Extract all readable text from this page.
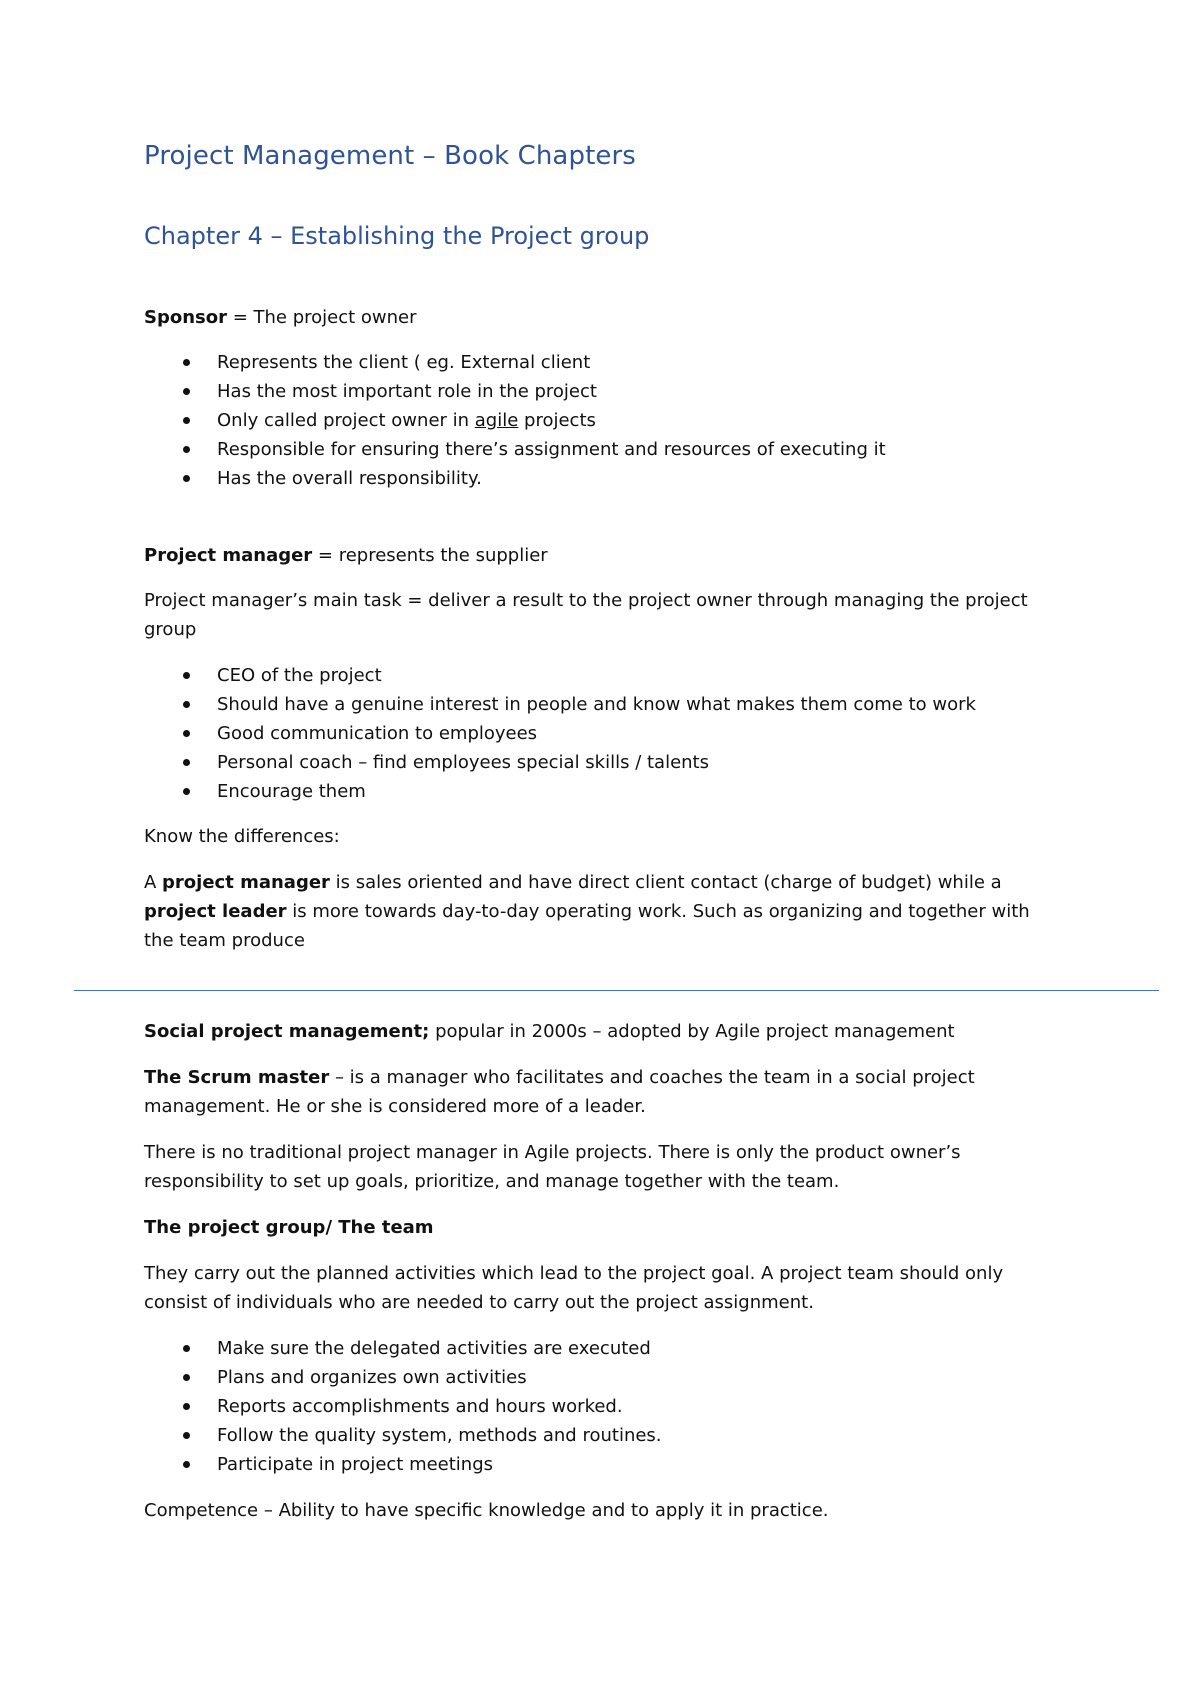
Project Management – Book Chapters
Chapter 4 – Establishing the Project group

Sponsor = The project owner

Represents the client ( eg. External client
Has the most important role in the project
Only called project owner in agile projects
Responsible for ensuring there’s assignment and resources of executing it
Has the overall responsibility.

Project manager = represents the supplier

Project manager’s main task = deliver a result to the project owner through managing the project group

CEO of the project
Should have a genuine interest in people and know what makes them come to work
Good communication to employees
Personal coach – find employees special skills / talents
Encourage them

Know the differences:

A project manager is sales oriented and have direct client contact (charge of budget) while a project leader is more towards day-to-day operating work. Such as organizing and together with the team produce

Social project management; popular in 2000s – adopted by Agile project management

The Scrum master – is a manager who facilitates and coaches the team in a social project management. He or she is considered more of a leader.

There is no traditional project manager in Agile projects. There is only the product owner’s responsibility to set up goals, prioritize, and manage together with the team.

The project group/ The team

They carry out the planned activities which lead to the project goal. A project team should only consist of individuals who are needed to carry out the project assignment.

Make sure the delegated activities are executed
Plans and organizes own activities
Reports accomplishments and hours worked.
Follow the quality system, methods and routines.
Participate in project meetings

Competence – Ability to have specific knowledge and to apply it in practice.
